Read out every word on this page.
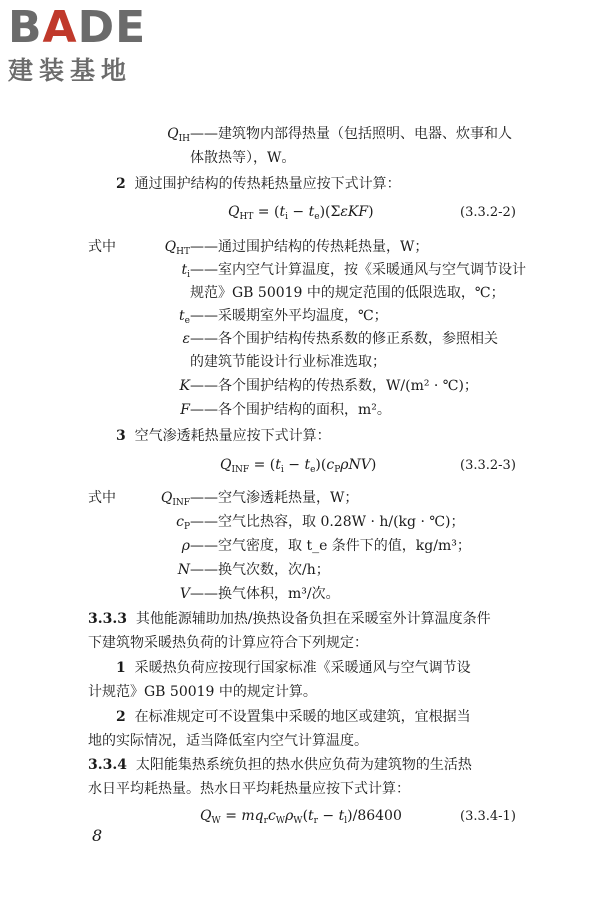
BADE
建装基地
$Q_{IH}——$建筑物内部得热量（包括照明、电器、炊事和人
体散热等），W。
2 通过围护结构的传热耗热量应按下式计算：
$Q_{HT} = (t_i - t_e)(\Sigma\varepsilon KF)$	(3.3.2-2)
式中	$Q_{HT}——$通过围护结构的传热耗热量，W；
$t_i——$室内空气计算温度，按《采暖通风与空气调节设计
规范》GB 50019 中的规定范围的低限选取，℃；
$t_e——$采暖期室外平均温度，℃；
ε——各个围护结构传热系数的修正系数，参照相关
的建筑节能设计行业标准选取；
K——各个围护结构的传热系数，W/(m² · ℃)；
F——各个围护结构的面积，m²。
3 空气渗透耗热量应按下式计算：
$Q_{INF} = (t_i - t_e)(c_P\rho NV)$	(3.3.2-3)
式中	$Q_{INF}——$空气渗透耗热量，W；
$c_P——$空气比热容，取 0.28W · h/(kg · ℃)；
ρ——空气密度，取 t_e 条件下的值，kg/m³；
N——换气次数，次/h；
V——换气体积，m³/次。
3.3.3 其他能源辅助加热/换热设备负担在采暖室外计算温度条件
下建筑物采暖热负荷的计算应符合下列规定：
1 采暖热负荷应按现行国家标准《采暖通风与空气调节设
计规范》GB 50019 中的规定计算。
2 在标准规定可不设置集中采暖的地区或建筑，宜根据当
地的实际情况，适当降低室内空气计算温度。
3.3.4 太阳能集热系统负担的热水供应负荷为建筑物的生活热
水日平均耗热量。热水日平均耗热量应按下式计算：
$Q_W = mq_rc_W\rho_W(t_r - t_l)/86400$	(3.3.4-1)
8
